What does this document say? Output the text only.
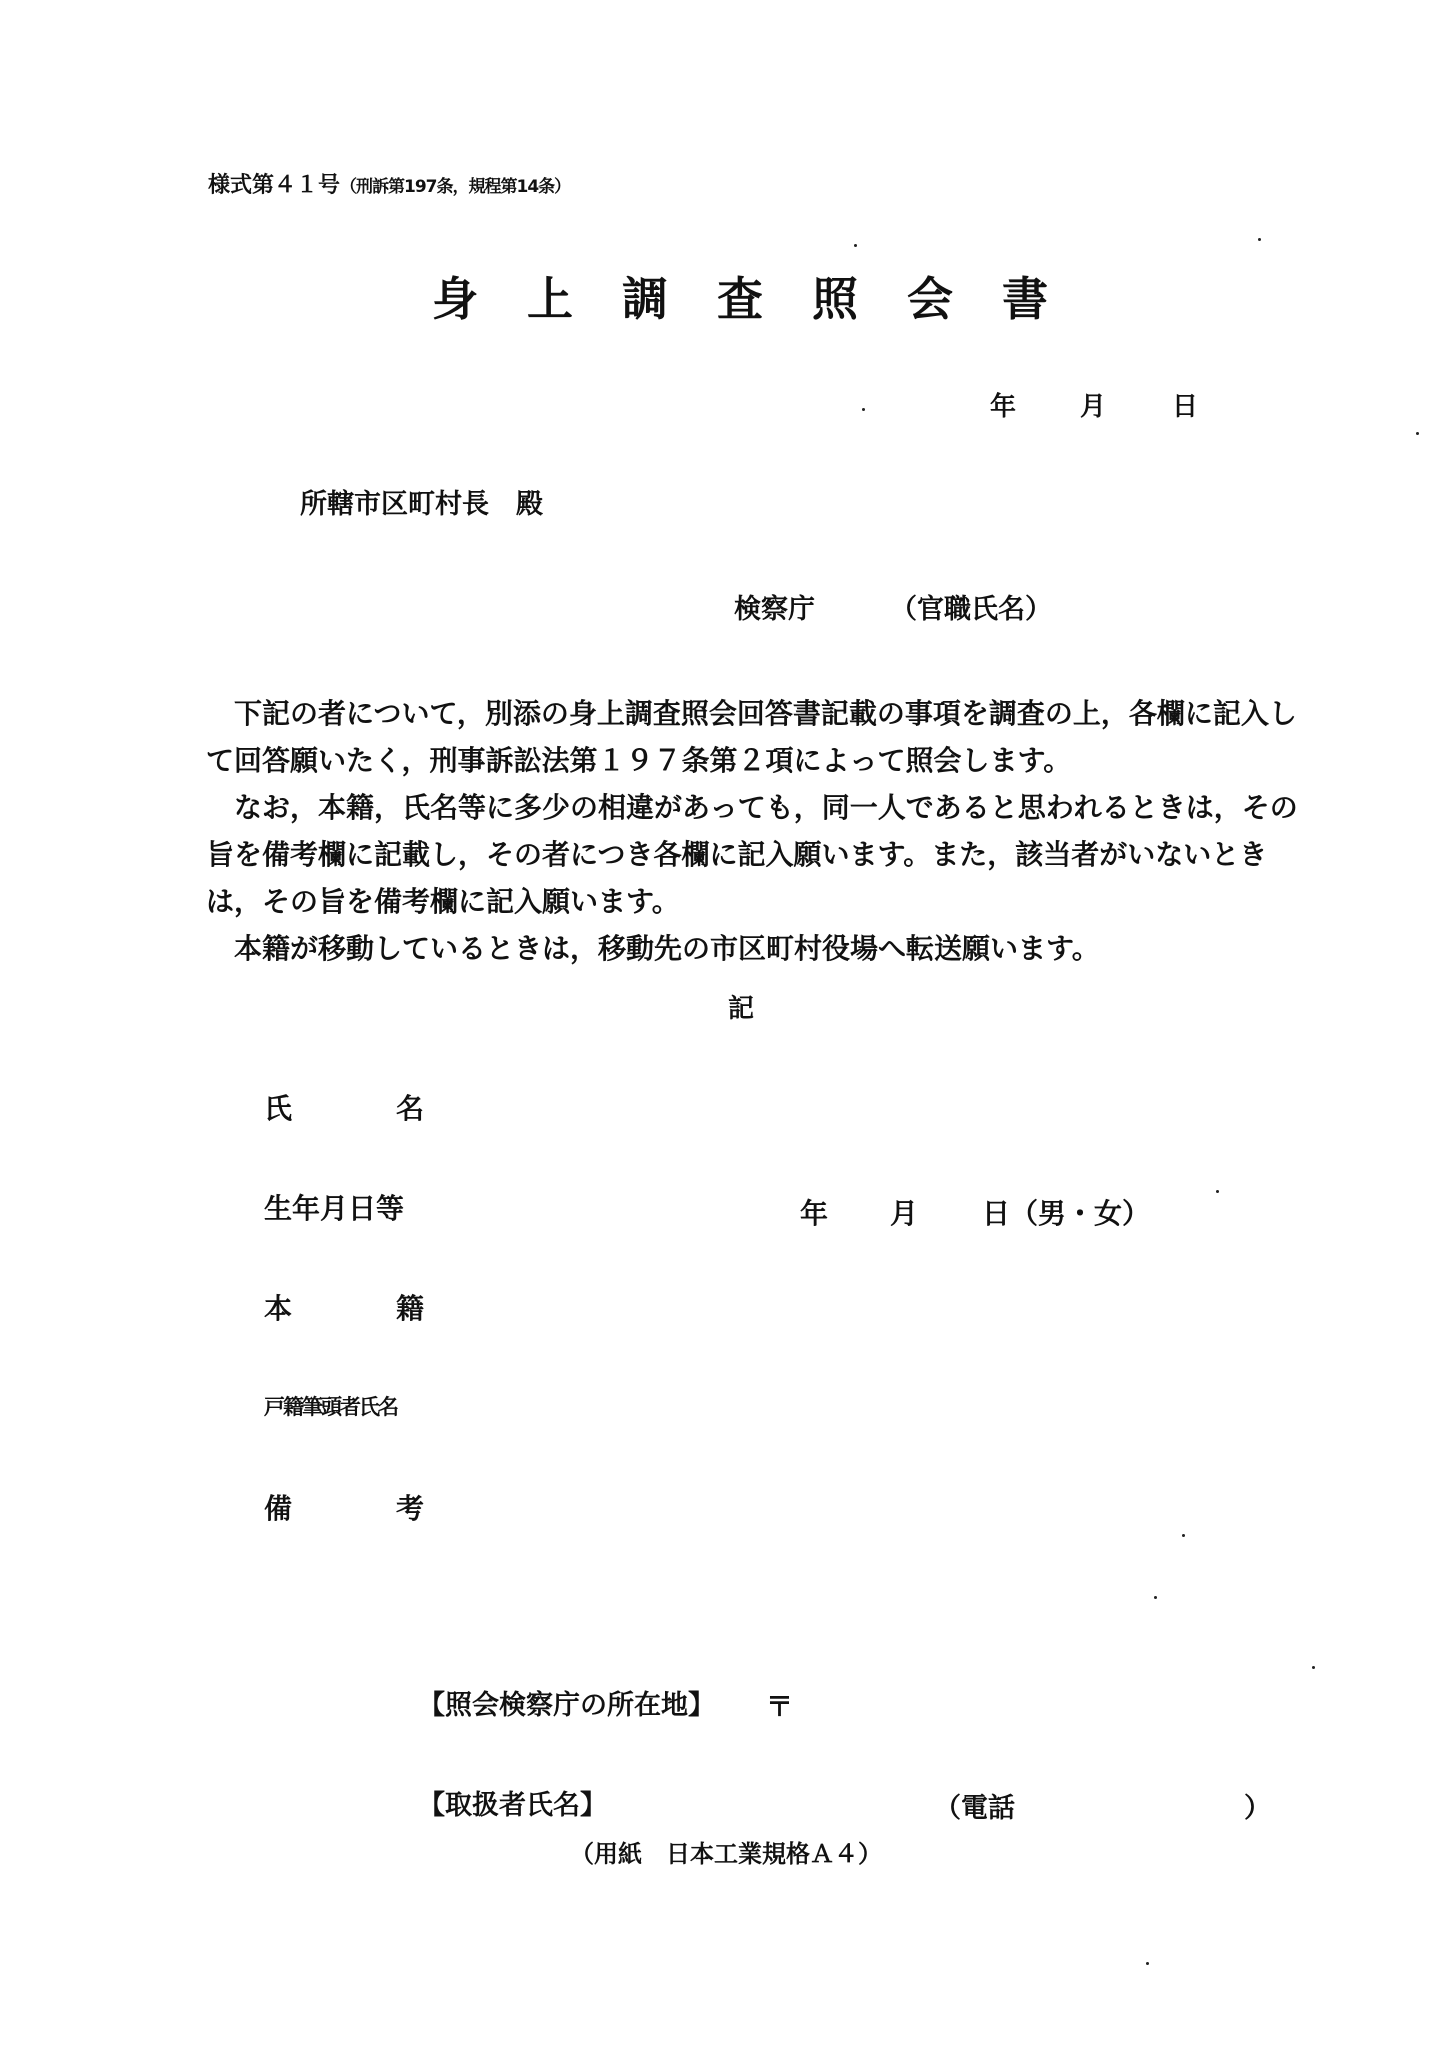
様式第４１号（刑訴第197条，規程第14条）
身上調査照会書
年 月	日
所轄市区町村長　殿
検察庁	（官職氏名）

下記の者について，別添の身上調査照会回答書記載の事項を調査の上，各欄に記入して回答願いたく，刑事訴訟法第１９７条第２項によって照会します。

なお，本籍，氏名等に多少の相違があっても，同一人であると思われるときは，その旨を備考欄に記載し，その者につき各欄に記入願います。また，該当者がいないときは，その旨を備考欄に記入願います。

本籍が移動しているときは，移動先の市区町村役場へ転送願います。

記
氏	名
生年月日等	年 月 日（男・女）
本	籍
戸籍筆頭者氏名
備	考
【照会検察庁の所在地】 〒
【取扱者氏名】	（電話	）
（用紙　日本工業規格Ａ４）
